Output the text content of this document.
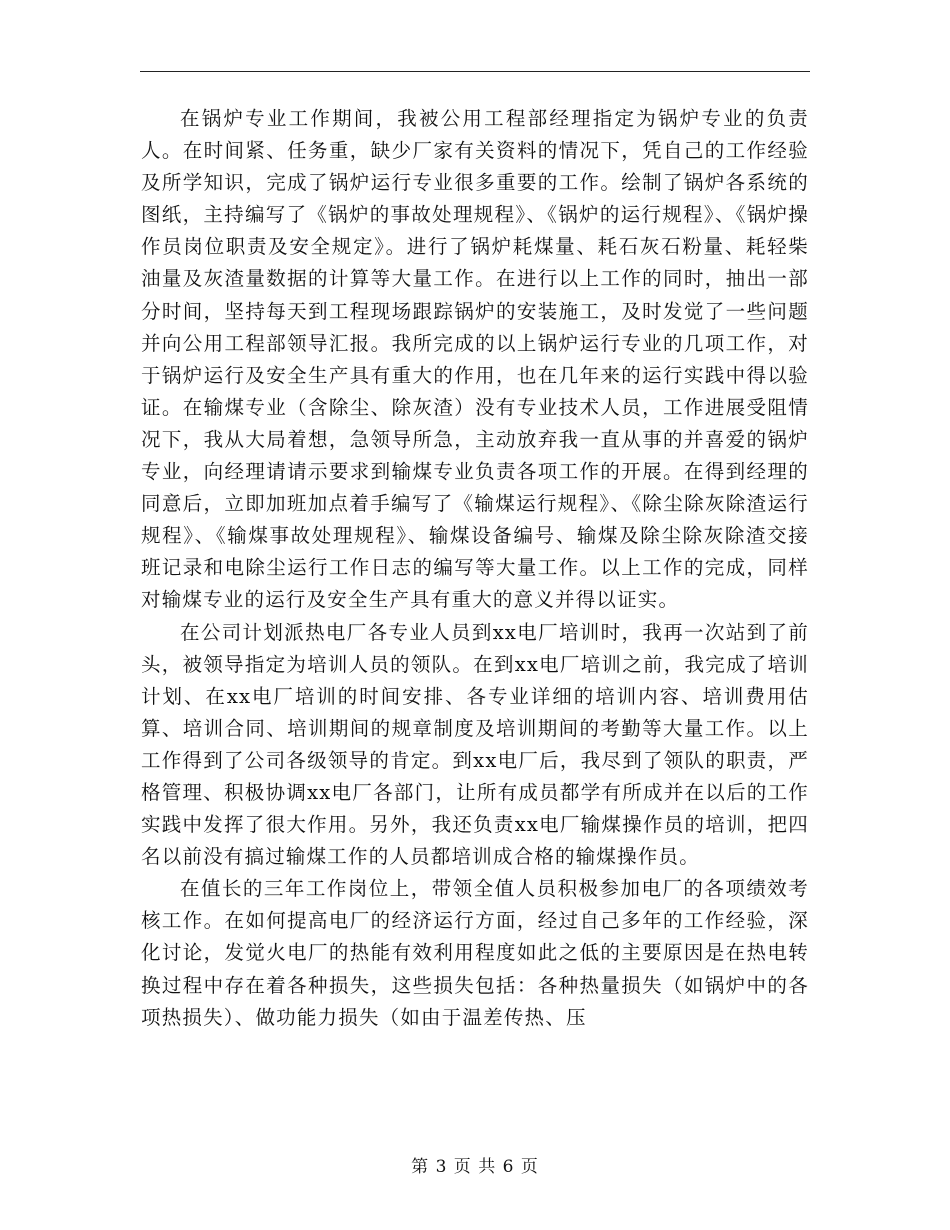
在锅炉专业工作期间，我被公用工程部经理指定为锅炉专业的负责人。在时间紧、任务重，缺少厂家有关资料的情况下，凭自己的工作经验及所学知识，完成了锅炉运行专业很多重要的工作。绘制了锅炉各系统的图纸，主持编写了《锅炉的事故处理规程》、《锅炉的运行规程》、《锅炉操作员岗位职责及安全规定》。进行了锅炉耗煤量、耗石灰石粉量、耗轻柴油量及灰渣量数据的计算等大量工作。在进行以上工作的同时，抽出一部分时间，坚持每天到工程现场跟踪锅炉的安装施工，及时发觉了一些问题并向公用工程部领导汇报。我所完成的以上锅炉运行专业的几项工作，对于锅炉运行及安全生产具有重大的作用，也在几年来的运行实践中得以验证。在输煤专业（含除尘、除灰渣）没有专业技术人员，工作进展受阻情况下，我从大局着想，急领导所急，主动放弃我一直从事的并喜爱的锅炉专业，向经理请请示要求到输煤专业负责各项工作的开展。在得到经理的同意后，立即加班加点着手编写了《输煤运行规程》、《除尘除灰除渣运行规程》、《输煤事故处理规程》、输煤设备编号、输煤及除尘除灰除渣交接班记录和电除尘运行工作日志的编写等大量工作。以上工作的完成，同样对输煤专业的运行及安全生产具有重大的意义并得以证实。

在公司计划派热电厂各专业人员到xx电厂培训时，我再一次站到了前头，被领导指定为培训人员的领队。在到xx电厂培训之前，我完成了培训计划、在xx电厂培训的时间安排、各专业详细的培训内容、培训费用估算、培训合同、培训期间的规章制度及培训期间的考勤等大量工作。以上工作得到了公司各级领导的肯定。到xx电厂后，我尽到了领队的职责，严格管理、积极协调xx电厂各部门，让所有成员都学有所成并在以后的工作实践中发挥了很大作用。另外，我还负责xx电厂输煤操作员的培训，把四名以前没有搞过输煤工作的人员都培训成合格的输煤操作员。

在值长的三年工作岗位上，带领全值人员积极参加电厂的各项绩效考核工作。在如何提高电厂的经济运行方面，经过自己多年的工作经验，深化讨论，发觉火电厂的热能有效利用程度如此之低的主要原因是在热电转换过程中存在着各种损失，这些损失包括：各种热量损失（如锅炉中的各项热损失）、做功能力损失（如由于温差传热、压

第 3 页 共 6 页
